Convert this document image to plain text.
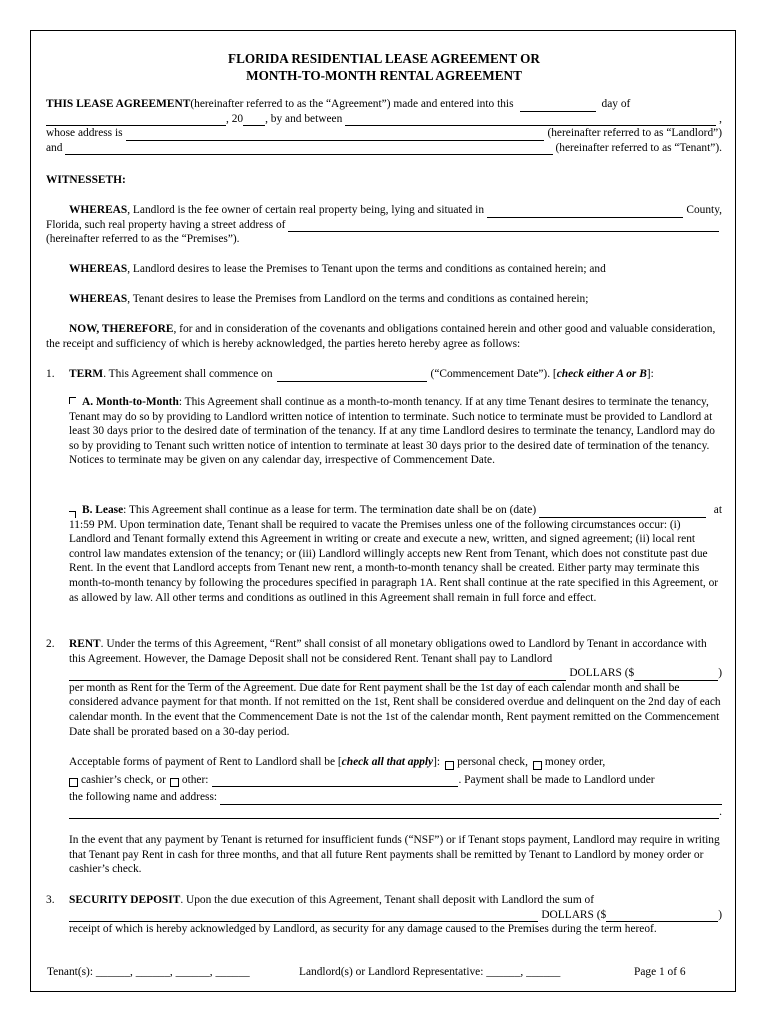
FLORIDA RESIDENTIAL LEASE AGREEMENT OR
MONTH-TO-MONTH RENTAL AGREEMENT
THIS LEASE AGREEMENT (hereinafter referred to as the “Agreement”) made and entered into this	day of
, 20 , by and between	,
whose address is	(hereinafter referred to as “Landlord”)
and	(hereinafter referred to as “Tenant”).
WITNESSETH:
WHEREAS , Landlord is the fee owner of certain real property being, lying and situated in	County,
Florida, such real property having a street address of
(hereinafter referred to as the “Premises”).
WHEREAS, Landlord desires to lease the Premises to Tenant upon the terms and conditions as contained herein; and
WHEREAS, Tenant desires to lease the Premises from Landlord on the terms and conditions as contained herein;
NOW, THEREFORE, for and in consideration of the covenants and obligations contained herein and other good and valuable consideration, the receipt and sufficiency of which is hereby acknowledged, the parties hereto hereby agree as follows:
1. TERM . This Agreement shall commence on	(“Commencement Date”). [ check either A or B ]:
A. Month-to-Month: This Agreement shall continue as a month-to-month tenancy. If at any time Tenant desires to terminate the tenancy, Tenant may do so by providing to Landlord written notice of intention to terminate. Such notice to terminate must be provided to Landlord at least 30 days prior to the desired date of termination of the tenancy. If at any time Landlord desires to terminate the tenancy, Landlord may do so by providing to Tenant such written notice of intention to terminate at least 30 days prior to the desired date of termination of the tenancy. Notices to terminate may be given on any calendar day, irrespective of Commencement Date.
B. Lease : This Agreement shall continue as a lease for term. The termination date shall be on (date)	at
11:59 PM. Upon termination date, Tenant shall be required to vacate the Premises unless one of the following circumstances occur: (i) Landlord and Tenant formally extend this Agreement in writing or create and execute a new, written, and signed agreement; (ii) local rent control law mandates extension of the tenancy; or (iii) Landlord willingly accepts new Rent from Tenant, which does not constitute past due Rent. In the event that Landlord accepts from Tenant new rent, a month-to-month tenancy shall be created. Either party may terminate this month-to-month tenancy by following the procedures specified in paragraph 1A. Rent shall continue at the rate specified in this Agreement, or as allowed by law. All other terms and conditions as outlined in this Agreement shall remain in full force and effect.
2. RENT. Under the terms of this Agreement, “Rent” shall consist of all monetary obligations owed to Landlord by Tenant in accordance with this Agreement. However, the Damage Deposit shall not be considered Rent. Tenant shall pay to Landlord
DOLLARS ($	)
per month as Rent for the Term of the Agreement. Due date for Rent payment shall be the 1st day of each calendar month and shall be considered advance payment for that month. If not remitted on the 1st, Rent shall be considered overdue and delinquent on the 2nd day of each calendar month. In the event that the Commencement Date is not the 1st of the calendar month, Rent payment remitted on the Commencement Date shall be prorated based on a 30-day period.
Acceptable forms of payment of Rent to Landlord shall be [ check all that apply ]: personal check, money order,
cashier’s check, or other:	. Payment shall be made to Landlord under
the following name and address:
.
In the event that any payment by Tenant is returned for insufficient funds (“NSF”) or if Tenant stops payment, Landlord may require in writing that Tenant pay Rent in cash for three months, and that all future Rent payments shall be remitted by Tenant to Landlord by money order or cashier’s check.
3. SECURITY DEPOSIT. Upon the due execution of this Agreement, Tenant shall deposit with Landlord the sum of
DOLLARS ($	)
receipt of which is hereby acknowledged by Landlord, as security for any damage caused to the Premises during the term hereof.
Tenant(s): ______, ______, ______, ______	Landlord(s) or Landlord Representative: ______, ______	Page 1 of 6
